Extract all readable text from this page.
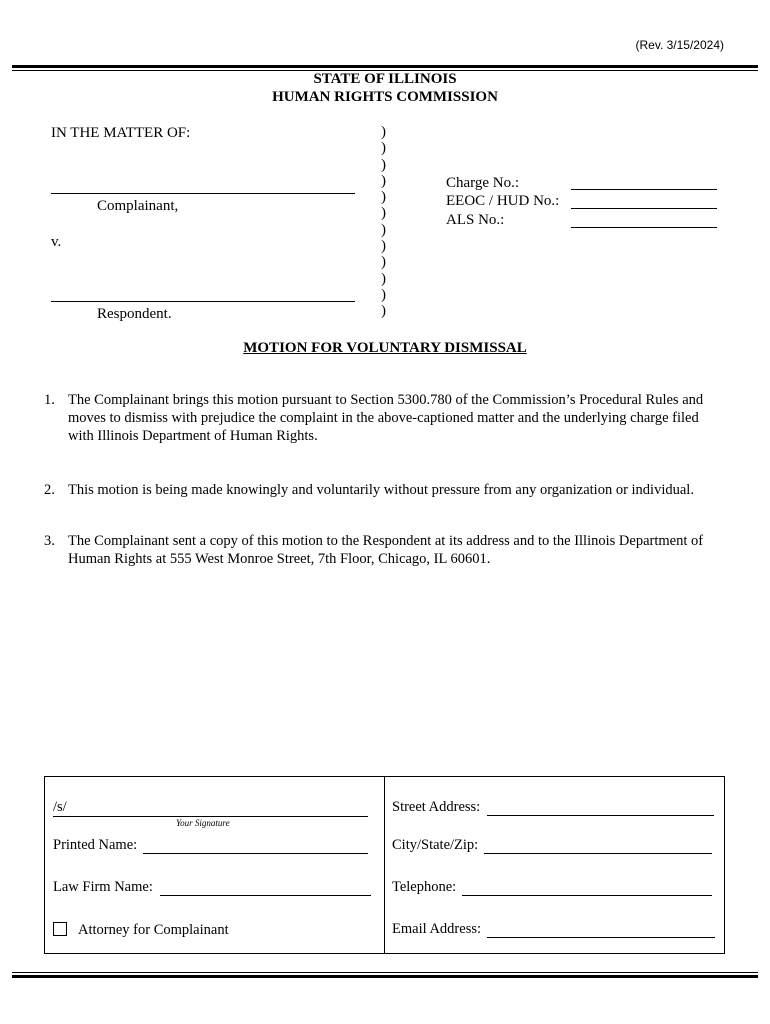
(Rev. 3/15/2024)
STATE OF ILLINOIS
HUMAN RIGHTS COMMISSION
IN THE MATTER OF:
Complainant,
v.
Respondent.
)
)
)
)
)
)
)
)
)
)
)
)
Charge No.:
EEOC / HUD No.:
ALS No.:
MOTION FOR VOLUNTARY DISMISSAL
1. The Complainant brings this motion pursuant to Section 5300.780 of the Commission’s Procedural Rules and
moves to dismiss with prejudice the complaint in the above-captioned matter and the underlying charge filed
with Illinois Department of Human Rights.
2. This motion is being made knowingly and voluntarily without pressure from any organization or individual.
3. The Complainant sent a copy of this motion to the Respondent at its address and to the Illinois Department of
Human Rights at 555 West Monroe Street, 7th Floor, Chicago, IL 60601.
/s/
Your Signature
Printed Name:
Law Firm Name:
Attorney for Complainant
Street Address:
City/State/Zip:
Telephone:
Email Address:
